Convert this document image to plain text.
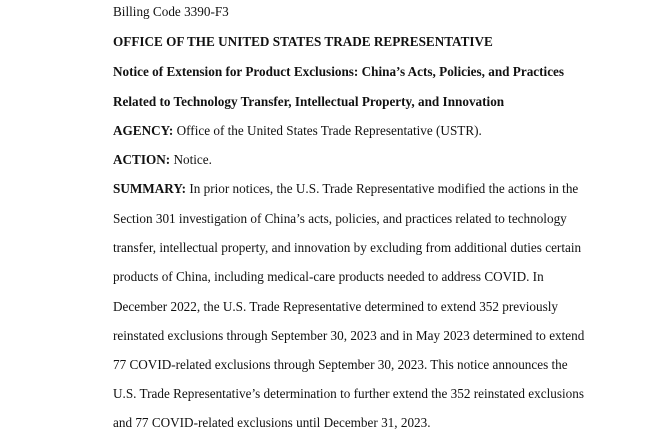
Billing Code 3390-F3

OFFICE OF THE UNITED STATES TRADE REPRESENTATIVE

Notice of Extension for Product Exclusions: China’s Acts, Policies, and Practices

Related to Technology Transfer, Intellectual Property, and Innovation

AGENCY: Office of the United States Trade Representative (USTR).

ACTION: Notice.

SUMMARY: In prior notices, the U.S. Trade Representative modified the actions in the

Section 301 investigation of China’s acts, policies, and practices related to technology

transfer, intellectual property, and innovation by excluding from additional duties certain

products of China, including medical-care products needed to address COVID. In

December 2022, the U.S. Trade Representative determined to extend 352 previously

reinstated exclusions through September 30, 2023 and in May 2023 determined to extend

77 COVID-related exclusions through September 30, 2023. This notice announces the

U.S. Trade Representative’s determination to further extend the 352 reinstated exclusions

and 77 COVID-related exclusions until December 31, 2023.
